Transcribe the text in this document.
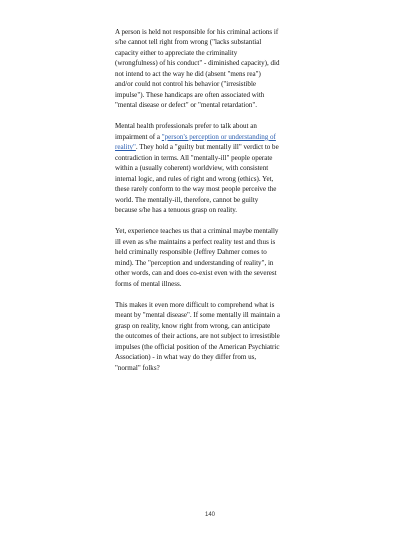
A person is held not responsible for his criminal actions if
s/he cannot tell right from wrong ("lacks substantial
capacity either to appreciate the criminality
(wrongfulness) of his conduct" - diminished capacity), did
not intend to act the way he did (absent "mens rea")
and/or could not control his behavior ("irresistible
impulse"). These handicaps are often associated with
"mental disease or defect" or "mental retardation".

Mental health professionals prefer to talk about an
impairment of a "person's perception or understanding of
reality". They hold a "guilty but mentally ill" verdict to be
contradiction in terms. All "mentally-ill" people operate
within a (usually coherent) worldview, with consistent
internal logic, and rules of right and wrong (ethics). Yet,
these rarely conform to the way most people perceive the
world. The mentally-ill, therefore, cannot be guilty
because s/he has a tenuous grasp on reality.

Yet, experience teaches us that a criminal maybe mentally
ill even as s/he maintains a perfect reality test and thus is
held criminally responsible (Jeffrey Dahmer comes to
mind). The "perception and understanding of reality", in
other words, can and does co-exist even with the severest
forms of mental illness.

This makes it even more difficult to comprehend what is
meant by "mental disease". If some mentally ill maintain a
grasp on reality, know right from wrong, can anticipate
the outcomes of their actions, are not subject to irresistible
impulses (the official position of the American Psychiatric
Association) - in what way do they differ from us,
"normal" folks?

140
